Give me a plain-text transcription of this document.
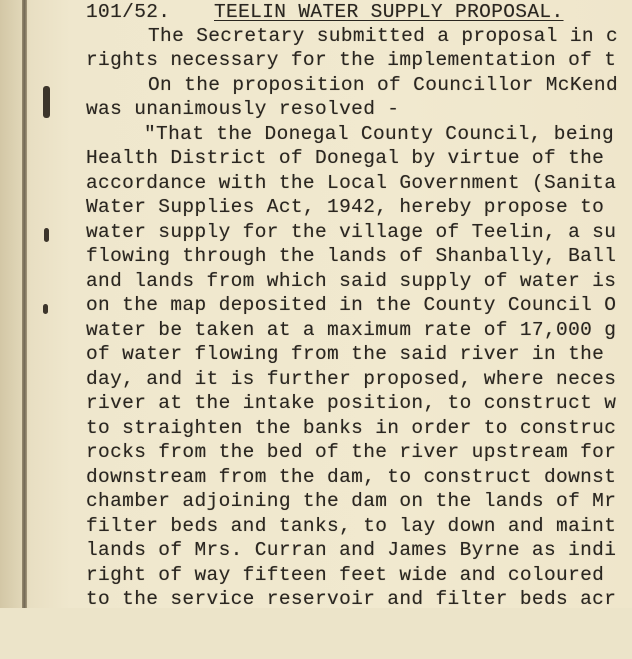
101/52. TEELIN WATER SUPPLY PROPOSAL.

The Secretary submitted a proposal in c

rights necessary for the implementation of t

On the proposition of Councillor McKend

was unanimously resolved -

"That the Donegal County Council, being

Health District of Donegal by virtue of the

accordance with the Local Government (Sanita

Water Supplies Act, 1942, hereby propose to

water supply for the village of Teelin, a su

flowing through the lands of Shanbally, Ball

and lands from which said supply of water is

on the map deposited in the County Council O

water be taken at a maximum rate of 17,000 g

of water flowing from the said river in the

day, and it is further proposed, where neces

river at the intake position, to construct w

to straighten the banks in order to construc

rocks from the bed of the river upstream for

downstream from the dam, to construct downst

chamber adjoining the dam on the lands of Mr

filter beds and tanks, to lay down and maint

lands of Mrs. Curran and James Byrne as indi

right of way fifteen feet wide and coloured

to the service reservoir and filter beds acr
